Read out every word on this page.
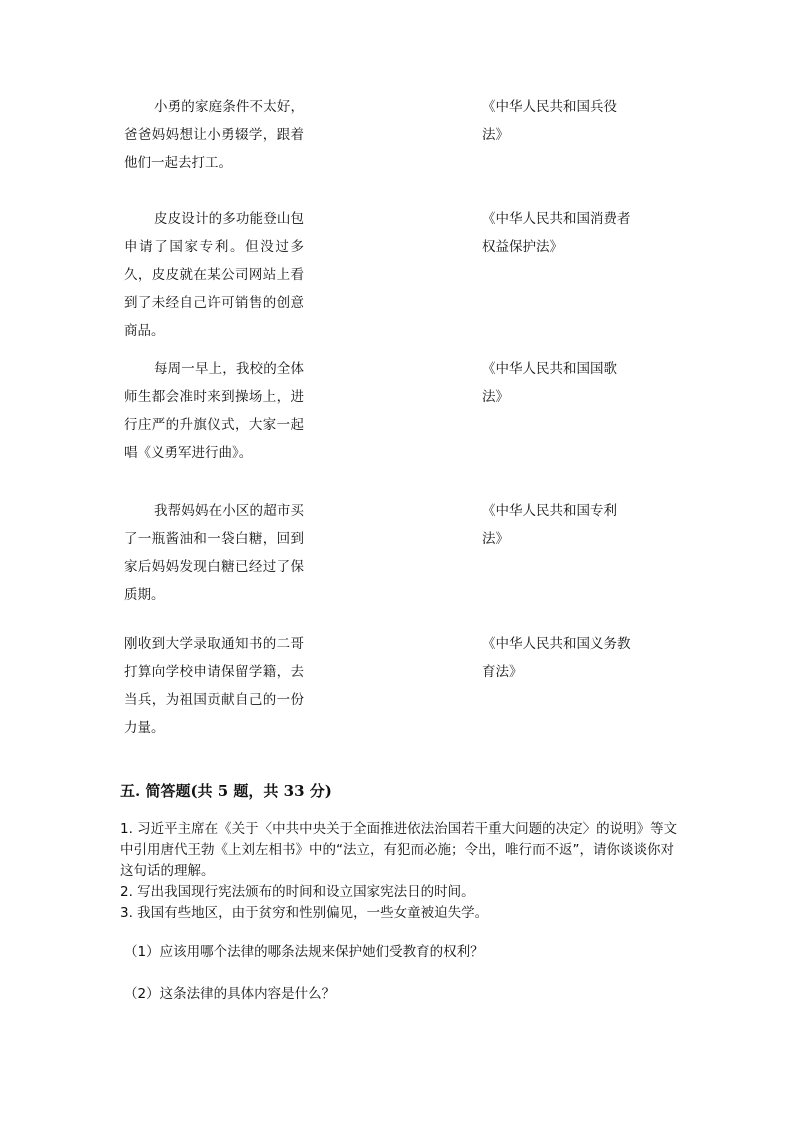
小勇的家庭条件不太好，爸爸妈妈想让小勇辍学，跟着他们一起去打工。
皮皮设计的多功能登山包申请了国家专利。但没过多久，皮皮就在某公司网站上看到了未经自己许可销售的创意商品。
每周一早上，我校的全体师生都会准时来到操场上，进行庄严的升旗仪式，大家一起唱《义勇军进行曲》。
我帮妈妈在小区的超市买了一瓶酱油和一袋白糖，回到家后妈妈发现白糖已经过了保质期。
刚收到大学录取通知书的二哥打算向学校申请保留学籍，去当兵，为祖国贡献自己的一份力量。
《中华人民共和国兵役法》
《中华人民共和国消费者权益保护法》
《中华人民共和国国歌法》
《中华人民共和国专利法》
《中华人民共和国义务教育法》
五. 简答题(共 5 题，共 33 分)
1. 习近平主席在《关于〈中共中央关于全面推进依法治国若干重大问题的决定〉的说明》等文中引用唐代王勃《上刘左相书》中的“法立，有犯而必施；令出，唯行而不返”，请你谈谈你对这句话的理解。
2. 写出我国现行宪法颁布的时间和设立国家宪法日的时间。
3. 我国有些地区，由于贫穷和性别偏见，一些女童被迫失学。
（1）应该用哪个法律的哪条法规来保护她们受教育的权利？
（2）这条法律的具体内容是什么？
